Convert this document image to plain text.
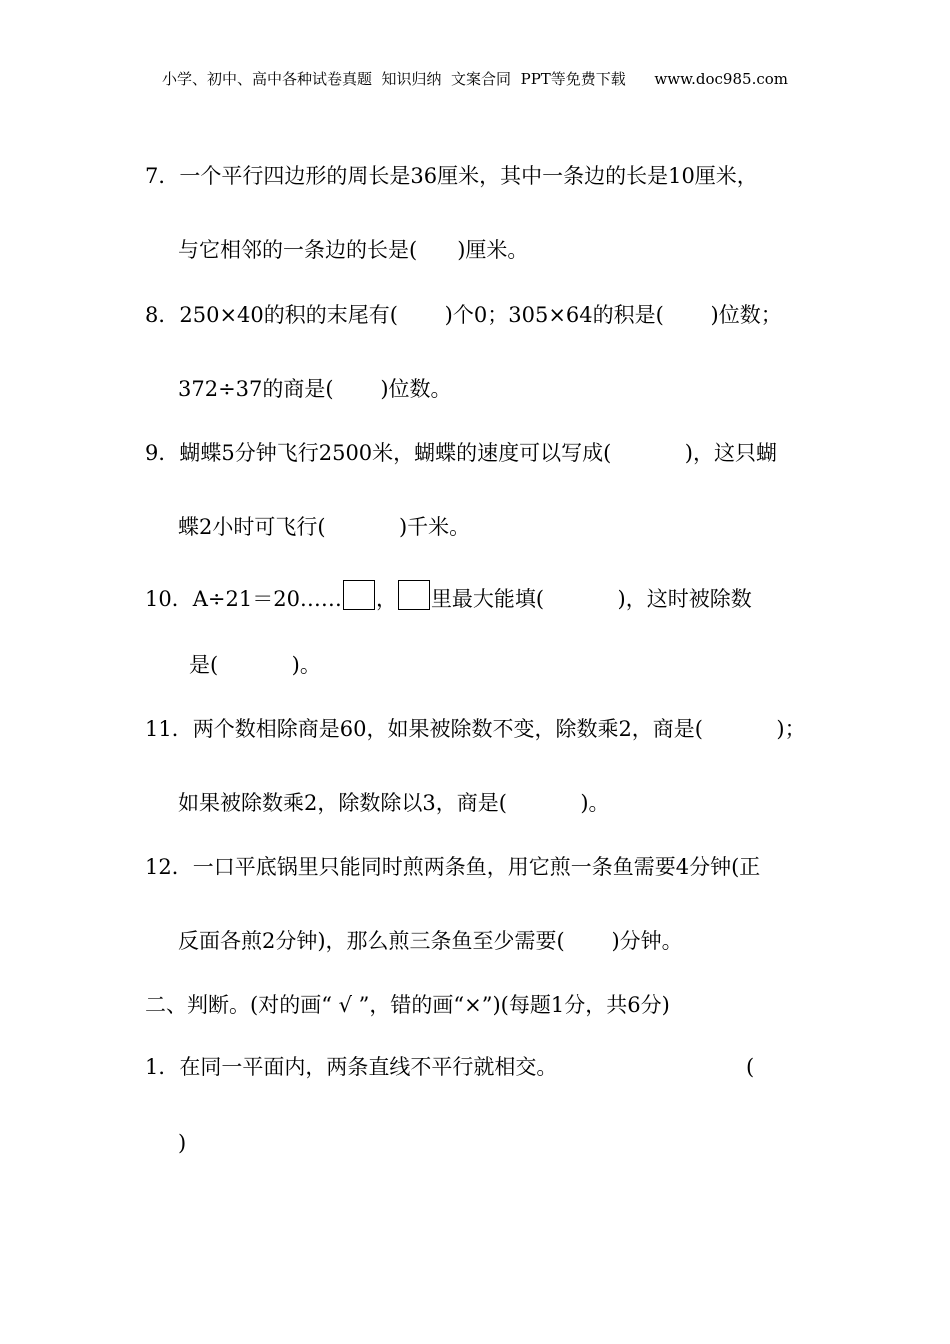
小学、初中、高中各种试卷真题  知识归纳  文案合同  PPT等免费下载      www.doc985.com
7．一个平行四边形的周长是36厘米，其中一条边的长是10厘米，
与它相邻的一条边的长是(      )厘米。
8．250×40的积的末尾有(       )个0；305×64的积是(       )位数；
372÷37的商是(       )位数。
9．蝴蝶5分钟飞行2500米，蝴蝶的速度可以写成(           )，这只蝴
蝶2小时可飞行(           )千米。
10．A÷21＝20…… ， 里最大能填(           )，这时被除数
是(           )。
11．两个数相除商是60，如果被除数不变，除数乘2，商是(           )；
如果被除数乘2，除数除以3，商是(           )。
12．一口平底锅里只能同时煎两条鱼，用它煎一条鱼需要4分钟(正
反面各煎2分钟)，那么煎三条鱼至少需要(       )分钟。
二、判断。(对的画“ √ ”，错的画“×”)(每题1分，共6分)
1．在同一平面内，两条直线不平行就相交。	(
)
